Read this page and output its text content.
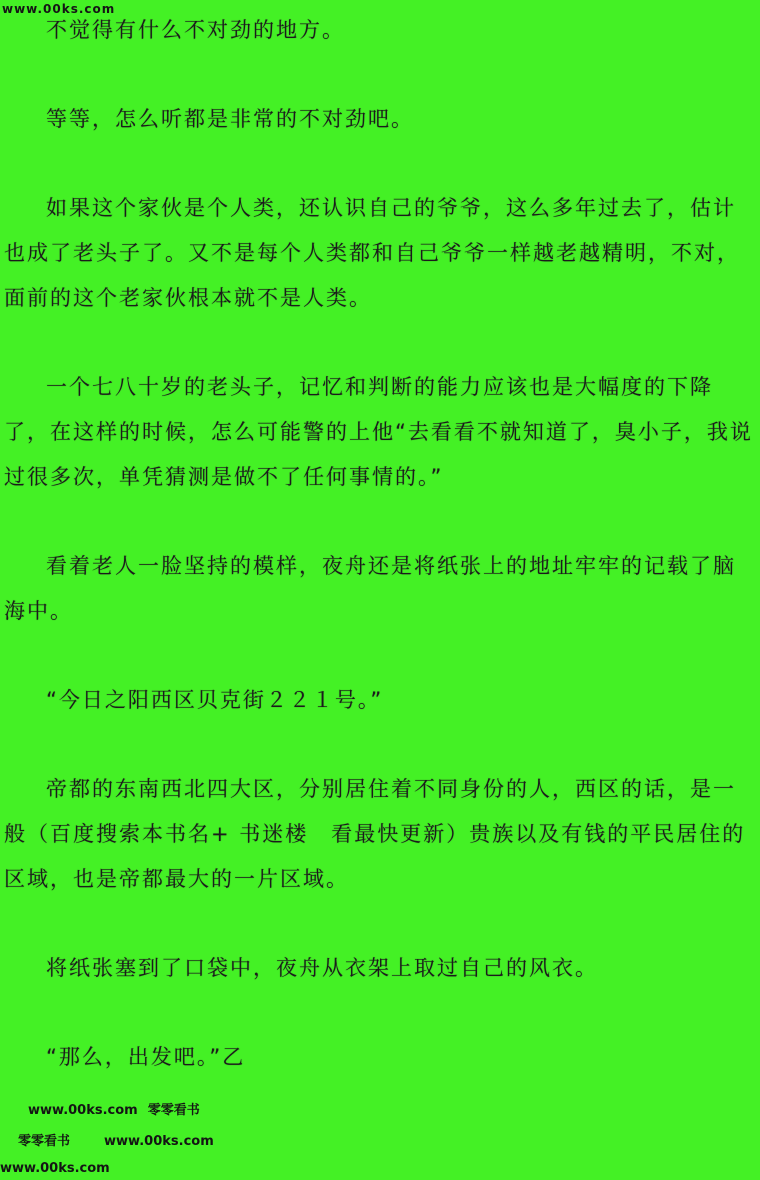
www.00ks.com

不觉得有什么不对劲的地方。

等等，怎么听都是非常的不对劲吧。

如果这个家伙是个人类，还认识自己的爷爷，这么多年过去了，估计也成了老头子了。又不是每个人类都和自己爷爷一样越老越精明，不对，面前的这个老家伙根本就不是人类。

一个七八十岁的老头子，记忆和判断的能力应该也是大幅度的下降了，在这样的时候，怎么可能警的上他“去看看不就知道了，臭小子，我说过很多次，单凭猜测是做不了任何事情的。”

看着老人一脸坚持的模样，夜舟还是将纸张上的地址牢牢的记载了脑海中。

“今日之阳西区贝克街２２１号。”

帝都的东南西北四大区，分别居住着不同身份的人，西区的话，是一般（百度搜索本书名+ 书迷楼　看最快更新）贵族以及有钱的平民居住的区域，也是帝都最大的一片区域。

将纸张塞到了口袋中，夜舟从衣架上取过自己的风衣。

“那么，出发吧。”乙

www.00ks.com 零零看书
零零看书	www.00ks.com
www.00ks.com
